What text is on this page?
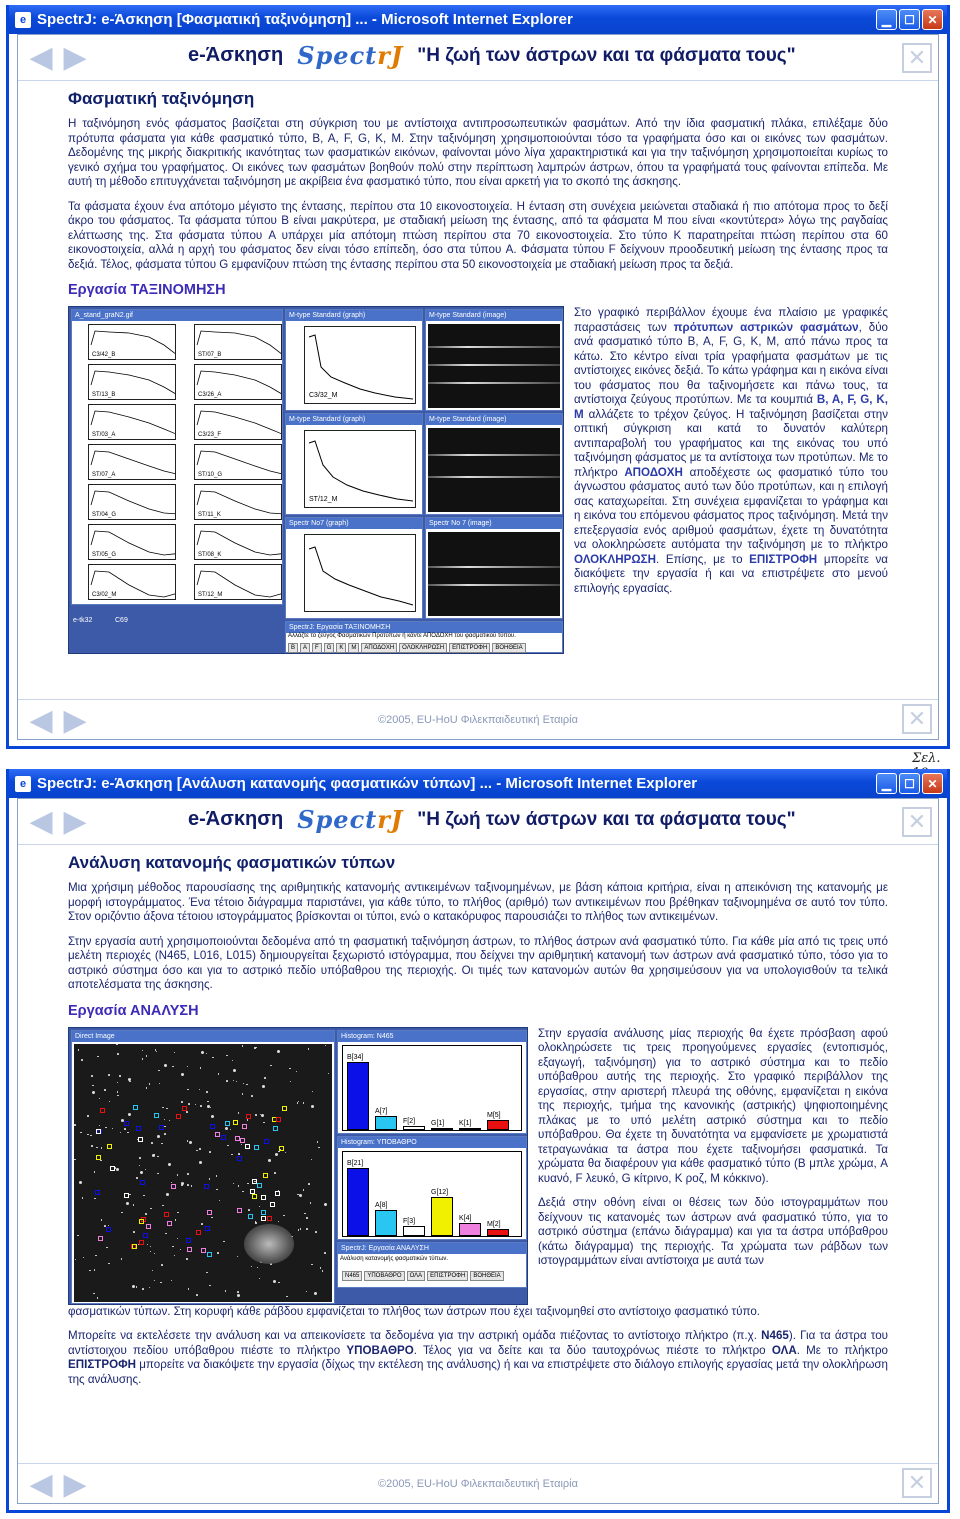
e SpectrJ: e-Άσκηση [Φασματική ταξινόμηση] ... - Microsoft Internet Explorer	▁	☐	✕
◀ ▶	e-Άσκηση SpectrJ "Η ζωή των άστρων και τα φάσματα τους"	✕
Φασματική ταξινόμηση

Η ταξινόμηση ενός φάσματος βασίζεται στη σύγκριση του με αντίστοιχα αντιπροσωπευτικών φασμάτων. Από την ίδια φασματική πλάκα, επιλέξαμε δύο πρότυπα φάσματα για κάθε φασματικό τύπο, B, A, F, G, K, M. Στην ταξινόμηση χρησιμοποιούνται τόσο τα γραφήματα όσο και οι εικόνες των φασμάτων. Δεδομένης της μικρής διακριτικής ικανότητας των φασματικών εικόνων, φαίνονται μόνο λίγα χαρακτηριστικά και για την ταξινόμηση χρησιμοποιείται κυρίως το γενικό σχήμα του γραφήματος. Οι εικόνες των φασμάτων βοηθούν πολύ στην περίπτωση λαμπρών άστρων, όπου τα γραφήματά τους φαίνονται επίπεδα. Με αυτή τη μέθοδο επιτυγχάνεται ταξινόμηση με ακρίβεια ένα φασματικό τύπο, που είναι αρκετή για το σκοπό της άσκησης.

Τα φάσματα έχουν ένα απότομο μέγιστο της έντασης, περίπου στα 10 εικονοστοιχεία. Η ένταση στη συνέχεια μειώνεται σταδιακά ή πιο απότομα προς το δεξί άκρο του φάσματος. Τα φάσματα τύπου B είναι μακρύτερα, με σταδιακή μείωση της έντασης, από τα φάσματα M που είναι «κοντύτερα» λόγω της ραγδαίας ελάττωσης της. Στα φάσματα τύπου A υπάρχει μία απότομη πτώση περίπου στα 70 εικονοστοιχεία. Στο τύπο K παρατηρείται πτώση περίπου στα 60 εικονοστοιχεία, αλλά η αρχή του φάσματος δεν είναι τόσο επίπεδη, όσο στα τύπου A. Φάσματα τύπου F δείχνουν προοδευτική μείωση της έντασης προς τα δεξιά. Τέλος, φάσματα τύπου G εμφανίζουν πτώση της έντασης περίπου στα 50 εικονοστοιχεία με σταδιακή μείωση προς τα δεξιά.

Εργασία ΤΑΞΙΝΟΜΗΣΗ
A_stand_graN2.gif
C3/42_B	ST/07_B
ST/13_B	C3/26_A
ST/03_A	C3/23_F
ST/07_A	ST/10_G
ST/04_G	ST/11_K
ST/05_G	ST/08_K
C3/02_M	ST/12_M
M-type Standard (graph)
C3/32_M
M-type Standard (image)
M-type Standard (graph)
ST/12_M
M-type Standard (image)
Spectr No7 (graph)	Spectr No 7 (image)
SpectrJ: Εργασία ΤΑΞΙΝΟΜΗΣΗ
Αλλάζτε το ζεύγος Φασματικών Προτύπων ή κάντε ΑΠΟΔΟΧΗ του φασματικού τύπου.
B	A	F	G	K	M	ΑΠΟΔΟΧΗ	ΟΛΟΚΛΗΡΩΣΗ	ΕΠΙΣΤΡΟΦΗ	ΒΟΗΘΕΙΑ
e-tk32	C69
Στο γραφικό περιβάλλον έχουμε ένα πλαίσιο με γραφικές παραστάσεις των πρότυπων αστρικών φασμάτων, δύο ανά φασματικό τύπο B, A, F, G, K, M, από πάνω προς τα κάτω. Στο κέντρο είναι τρία γραφήματα φασμάτων με τις αντίστοιχες εικόνες δεξιά. Το κάτω γράφημα και η εικόνα είναι του φάσματος που θα ταξινομήσετε και πάνω τους, τα αντίστοιχα ζεύγους προτύπων. Με τα κουμπιά B, A, F, G, K, M αλλάζετε το τρέχον ζεύγος. Η ταξινόμηση βασίζεται στην οπτική σύγκριση και κατά το δυνατόν καλύτερη αντιπαραβολή του γραφήματος και της εικόνας του υπό ταξινόμηση φάσματος με τα αντίστοιχα των προτύπων. Με το πλήκτρο ΑΠΟΔΟΧΗ αποδέχεστε ως φασματικό τύπο του άγνωστου φάσματος αυτό των δύο προτύπων, και η επιλογή σας καταχωρείται. Στη συνέχεια εμφανίζεται το γράφημα και η εικόνα του επόμενου φάσματος προς ταξινόμηση. Μετά την επεξεργασία ενός αριθμού φασμάτων, έχετε τη δυνατότητα να ολοκληρώσετε αυτόματα την ταξινόμηση με το πλήκτρο ΟΛΟΚΛΗΡΩΣΗ. Επίσης, με το ΕΠΙΣΤΡΟΦΗ μπορείτε να διακόψετε την εργασία ή και να επιστρέψετε στο μενού επιλογής εργασίας.
◀ ▶	©2005, EU-HoU Φιλεκπαιδευτική Εταιρία	✕
Σελ.
e SpectrJ: e-Άσκηση [Ανάλυση κατανομής φασματικών τύπων] ... - Microsoft Internet Explorer	▁	☐	✕
◀ ▶	e-Άσκηση SpectrJ "Η ζωή των άστρων και τα φάσματα τους"	✕
Ανάλυση κατανομής φασματικών τύπων

Μια χρήσιμη μέθοδος παρουσίασης της αριθμητικής κατανομής αντικειμένων ταξινομημένων, με βάση κάποια κριτήρια, είναι η απεικόνιση της κατανομής με μορφή ιστογράμματος. Ένα τέτοιο διάγραμμα παριστάνει, για κάθε τύπο, το πλήθος (αριθμό) των αντικειμένων που βρέθηκαν ταξινομημένα σε αυτό τον τύπο. Στον οριζόντιο άξονα τέτοιου ιστογράμματος βρίσκονται οι τύποι, ενώ ο κατακόρυφος παρουσιάζει το πλήθος των αντικειμένων.

Στην εργασία αυτή χρησιμοποιούνται δεδομένα από τη φασματική ταξινόμηση άστρων, το πλήθος άστρων ανά φασματικό τύπο. Για κάθε μία από τις τρεις υπό μελέτη περιοχές (N465, L016, L015) δημιουργείται ξεχωριστό ιστόγραμμα, που δείχνει την αριθμητική κατανομή των άστρων ανά φασματικό τύπο, τόσο για το αστρικό σύστημα όσο και για το αστρικό πεδίο υπόβαθρου της περιοχής. Οι τιμές των κατανομών αυτών θα χρησιμεύσουν για να υπολογισθούν τα τελικά αποτελέσματα της άσκησης.

Εργασία ΑΝΑΛΥΣΗ
Direct Image	Histogram: N465
B[34]
A[7]
F[2] G[1] K[1]
M[5]
Histogram: ΥΠΟΒΑΘΡΟ
B[21]
A[8]
F[3]
G[12]
K[4]
M[2]
SpectrJ: Εργασία ΑΝΑΛΥΣΗ
Ανάλυση κατανομής φασματικών τύπων.
N465	ΥΠΟΒΑΘΡΟ	ΟΛΑ	ΕΠΙΣΤΡΟΦΗ	ΒΟΗΘΕΙΑ

Στην εργασία ανάλυσης μίας περιοχής θα έχετε πρόσβαση αφού ολοκληρώσετε τις τρεις προηγούμενες εργασίες (εντοπισμός, εξαγωγή, ταξινόμηση) για το αστρικό σύστημα και το πεδίο υπόβαθρου αυτής της περιοχής. Στο γραφικό περιβάλλον της εργασίας, στην αριστερή πλευρά της οθόνης, εμφανίζεται η εικόνα της περιοχής, τμήμα της κανονικής (αστρικής) ψηφιοποιημένης πλάκας με το υπό μελέτη αστρικό σύστημα και το πεδίο υπόβαθρου. Θα έχετε τη δυνατότητα να εμφανίσετε με χρωματιστά τετραγωνάκια τα άστρα που έχετε ταξινομήσει φασματικά. Τα χρώματα θα διαφέρουν για κάθε φασματικό τύπο (B μπλε χρώμα, A κυανό, F λευκό, G κίτρινο, K ροζ, M κόκκινο).

Δεξιά στην οθόνη είναι οι θέσεις των δύο ιστογραμμάτων που δείχνουν τις κατανομές των άστρων ανά φασματικό τύπο, για το αστρικό σύστημα (επάνω διάγραμμα) και για τα άστρα υπόβαθρου (κάτω διάγραμμα) της περιοχής. Τα χρώματα των ράβδων των ιστογραμμάτων είναι αντίστοιχα με αυτά των

φασματικών τύπων. Στη κορυφή κάθε ράβδου εμφανίζεται το πλήθος των άστρων που έχει ταξινομηθεί στο αντίστοιχο φασματικό τύπο.

Μπορείτε να εκτελέσετε την ανάλυση και να απεικονίσετε τα δεδομένα για την αστρική ομάδα πιέζοντας το αντίστοιχο πλήκτρο (π.χ. N465). Για τα άστρα του αντίστοιχου πεδίου υπόβαθρου πιέστε το πλήκτρο ΥΠΟΒΑΘΡΟ. Τέλος για να δείτε και τα δύο ταυτοχρόνως πιέστε το πλήκτρο ΟΛΑ. Με το πλήκτρο ΕΠΙΣΤΡΟΦΗ μπορείτε να διακόψετε την εργασία (δίχως την εκτέλεση της ανάλυσης) ή και να επιστρέψετε στο διάλογο επιλογής εργασίας μετά την ολοκλήρωση της ανάλυσης.

◀ ▶	©2005, EU-HoU Φιλεκπαιδευτική Εταιρία	✕
